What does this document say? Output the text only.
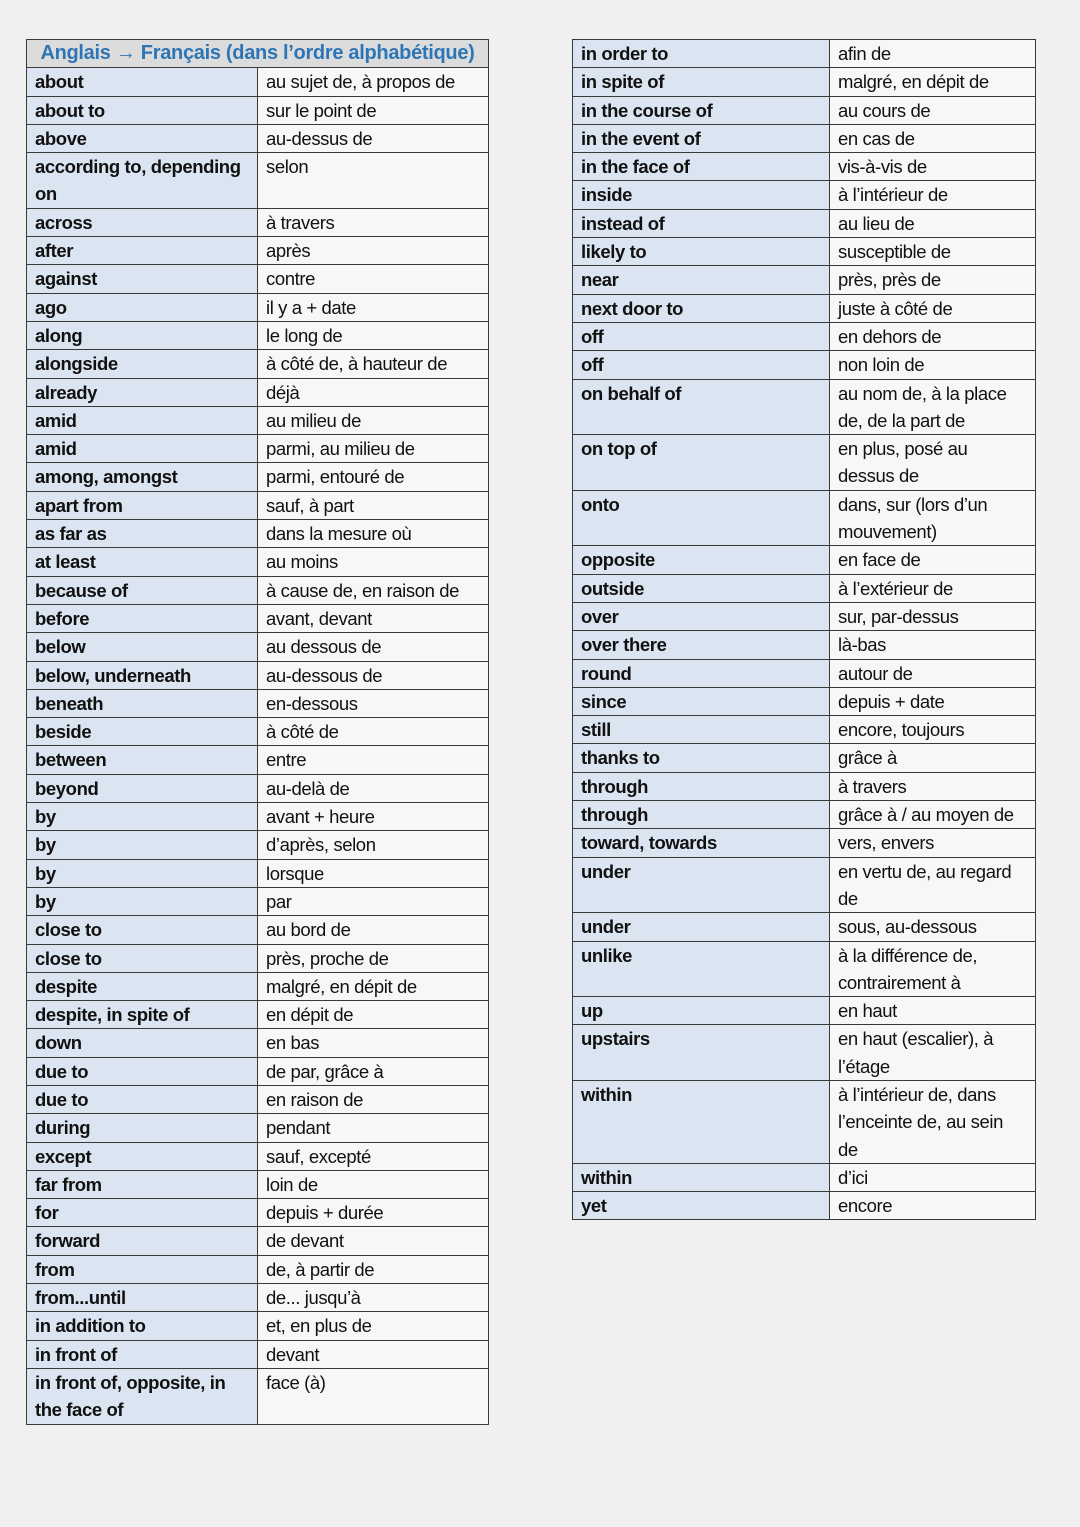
Anglais → Français (dans l’ordre alphabétique)	
about	au sujet de, à propos de
about to	sur le point de
above	au-dessus de
according to, depending on	selon
across	à travers
after	après
against	contre
ago	il y a + date
along	le long de
alongside	à côté de, à hauteur de
already	déjà
amid	au milieu de
amid	parmi, au milieu de
among, amongst	parmi, entouré de
apart from	sauf, à part
as far as	dans la mesure où
at least	au moins
because of	à cause de, en raison de
before	avant, devant
below	au dessous de
below, underneath	au-dessous de
beneath	en-dessous
beside	à côté de
between	entre
beyond	au-delà de
by	avant + heure
by	d’après, selon
by	lorsque
by	par
close to	au bord de
close to	près, proche de
despite	malgré, en dépit de
despite, in spite of	en dépit de
down	en bas
due to	de par, grâce à
due to	en raison de
during	pendant
except	sauf, excepté
far from	loin de
for	depuis + durée
forward	de devant
from	de, à partir de
from...until	de... jusqu’à
in addition to	et, en plus de
in front of	devant
in front of, opposite, in the face of	face (à)
in order to	afin de
in spite of	malgré, en dépit de
in the course of	au cours de
in the event of	en cas de
in the face of	vis-à-vis de
inside	à l’intérieur de
instead of	au lieu de
likely to	susceptible de
near	près, près de
next door to	juste à côté de
off	en dehors de
off	non loin de
on behalf of	au nom de, à la place de, de la part de
on top of	en plus, posé au dessus de
onto	dans, sur (lors d’un mouvement)
opposite	en face de
outside	à l’extérieur de
over	sur, par-dessus
over there	là-bas
round	autour de
since	depuis + date
still	encore, toujours
thanks to	grâce à
through	à travers
through	grâce à / au moyen de
toward, towards	vers, envers
under	en vertu de, au regard de
under	sous, au-dessous
unlike	à la différence de, contrairement à
up	en haut
upstairs	en haut (escalier), à l’étage
within	à l’intérieur de, dans l’enceinte de, au sein de
within	d’ici
yet	encore
